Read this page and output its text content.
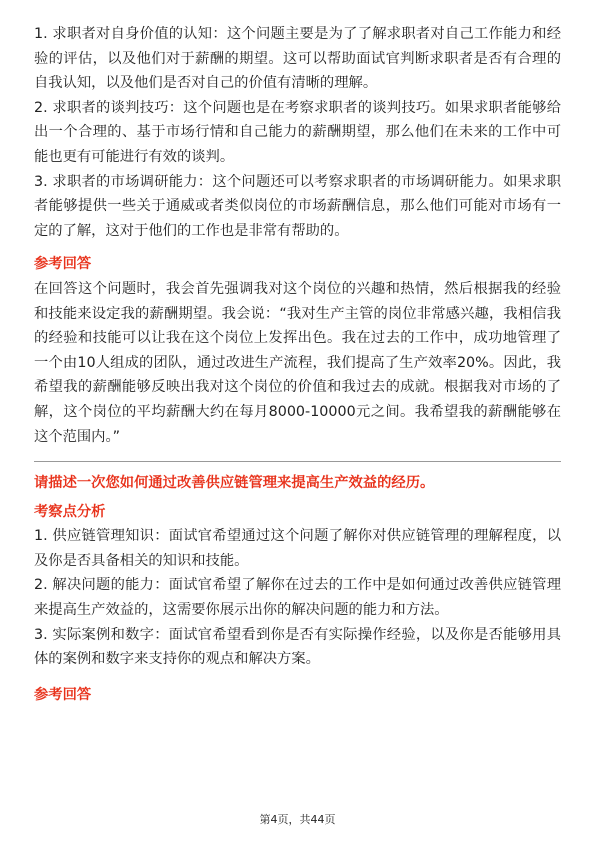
1. 求职者对自身价值的认知：这个问题主要是为了了解求职者对自己工作能力和经验的评估，以及他们对于薪酬的期望。这可以帮助面试官判断求职者是否有合理的自我认知，以及他们是否对自己的价值有清晰的理解。

2. 求职者的谈判技巧：这个问题也是在考察求职者的谈判技巧。如果求职者能够给出一个合理的、基于市场行情和自己能力的薪酬期望，那么他们在未来的工作中可能也更有可能进行有效的谈判。

3. 求职者的市场调研能力：这个问题还可以考察求职者的市场调研能力。如果求职者能够提供一些关于通威或者类似岗位的市场薪酬信息，那么他们可能对市场有一定的了解，这对于他们的工作也是非常有帮助的。

参考回答

在回答这个问题时，我会首先强调我对这个岗位的兴趣和热情，然后根据我的经验和技能来设定我的薪酬期望。我会说：“我对生产主管的岗位非常感兴趣，我相信我的经验和技能可以让我在这个岗位上发挥出色。我在过去的工作中，成功地管理了一个由10人组成的团队，通过改进生产流程，我们提高了生产效率20%。因此，我希望我的薪酬能够反映出我对这个岗位的价值和我过去的成就。根据我对市场的了解，这个岗位的平均薪酬大约在每月8000-10000元之间。我希望我的薪酬能够在这个范围内。”

请描述一次您如何通过改善供应链管理来提高生产效益的经历。

考察点分析

1. 供应链管理知识：面试官希望通过这个问题了解你对供应链管理的理解程度，以及你是否具备相关的知识和技能。

2. 解决问题的能力：面试官希望了解你在过去的工作中是如何通过改善供应链管理来提高生产效益的，这需要你展示出你的解决问题的能力和方法。

3. 实际案例和数字：面试官希望看到你是否有实际操作经验，以及你是否能够用具体的案例和数字来支持你的观点和解决方案。

参考回答

第4页，共44页
